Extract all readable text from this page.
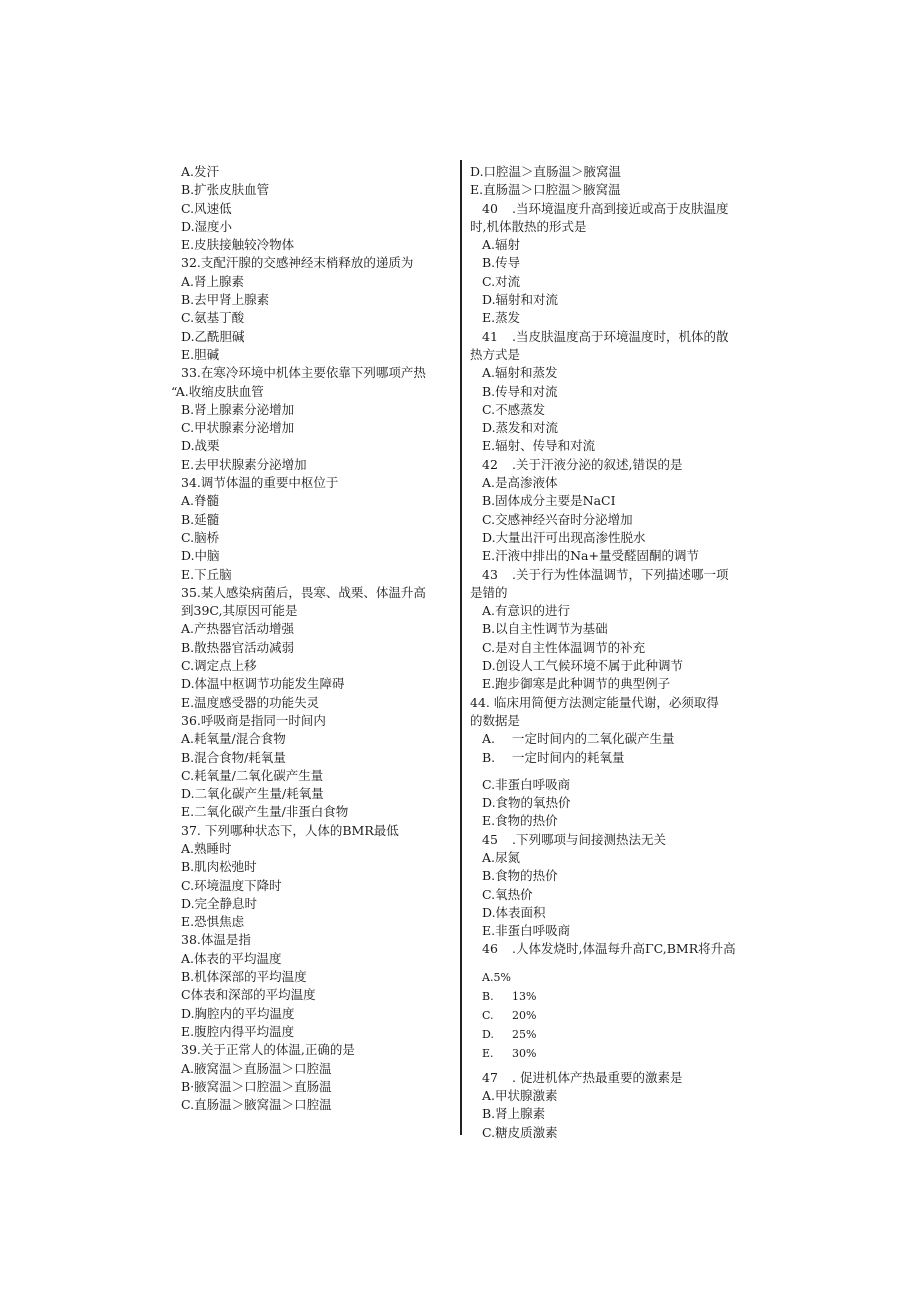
A.发汗
B.扩张皮肤血管
C.风速低
D.湿度小
E.皮肤接触较冷物体
32.支配汗腺的交感神经末梢释放的递质为
A.肾上腺素
B.去甲肾上腺素
C.氨基丁酸
D.乙酰胆碱
E.胆碱
33.在寒冷环境中机体主要依靠下列哪项产热
“A.收缩皮肤血管
B.肾上腺素分泌增加
C.甲状腺素分泌增加
D.战栗
E.去甲状腺素分泌增加
34.调节体温的重要中枢位于
A.脊髓
B.延髓
C.脑桥
D.中脑
E.下丘脑
35.某人感染病菌后，畏寒、战栗、体温升高
到39C,其原因可能是
A.产热器官活动增强
B.散热器官活动减弱
C.调定点上移
D.体温中枢调节功能发生障碍
E.温度感受器的功能失灵
36.呼吸商是指同一时间内
A.耗氧量/混合食物
B.混合食物/耗氧量
C.耗氧量/二氧化碳产生量
D.二氧化碳产生量/耗氧量
E.二氧化碳产生量/非蛋白食物
37. 下列哪种状态下，人体的BMR最低
A.熟睡时
B.肌肉松弛时
C.环境温度下降时
D.完全静息时
E.恐惧焦虑
38.体温是指
A.体表的平均温度
B.机体深部的平均温度
C体表和深部的平均温度
D.胸腔内的平均温度
E.腹腔内得平均温度
39.关于正常人的体温,正确的是
A.腋窝温＞直肠温＞口腔温
B·腋窝温＞口腔温＞直肠温
C.直肠温＞腋窝温＞口腔温
D.口腔温＞直肠温＞腋窝温
E.直肠温＞口腔温＞腋窝温
40 .当环境温度升高到接近或高于皮肤温度
时,机体散热的形式是
A.辐射
B.传导
C.对流
D.辐射和对流
E.蒸发
41 .当皮肤温度高于环境温度时，机体的散
热方式是
A.辐射和蒸发
B.传导和对流
C.不感蒸发
D.蒸发和对流
E.辐射、传导和对流
42 .关于汗液分泌的叙述,错误的是
A.是高渗液体
B.固体成分主要是NaCI
C.交感神经兴奋时分泌增加
D.大量出汗可出现高渗性脱水
E.汗液中排出的Na+量受醛固酮的调节
43 .关于行为性体温调节，下列描述哪一项
是错的
A.有意识的进行
B.以自主性调节为基础
C.是对自主性体温调节的补充
D.创设人工气候环境不属于此种调节
E.跑步御寒是此种调节的典型例子
44. 临床用简便方法测定能量代谢，必须取得
的数据是
A. 一定时间内的二氧化碳产生量
B. 一定时间内的耗氧量
C.非蛋白呼吸商
D.食物的氧热价
E.食物的热价
45 .下列哪项与间接测热法无关
A.尿氮
B.食物的热价
C.氧热价
D.体表面积
E.非蛋白呼吸商
46 .人体发烧时,体温每升高ΓC,BMR将升高
A.5%
B. 13%
C. 20%
D. 25%
E. 30%
47 . 促进机体产热最重要的激素是
A.甲状腺激素
B.肾上腺素
C.糖皮质激素
